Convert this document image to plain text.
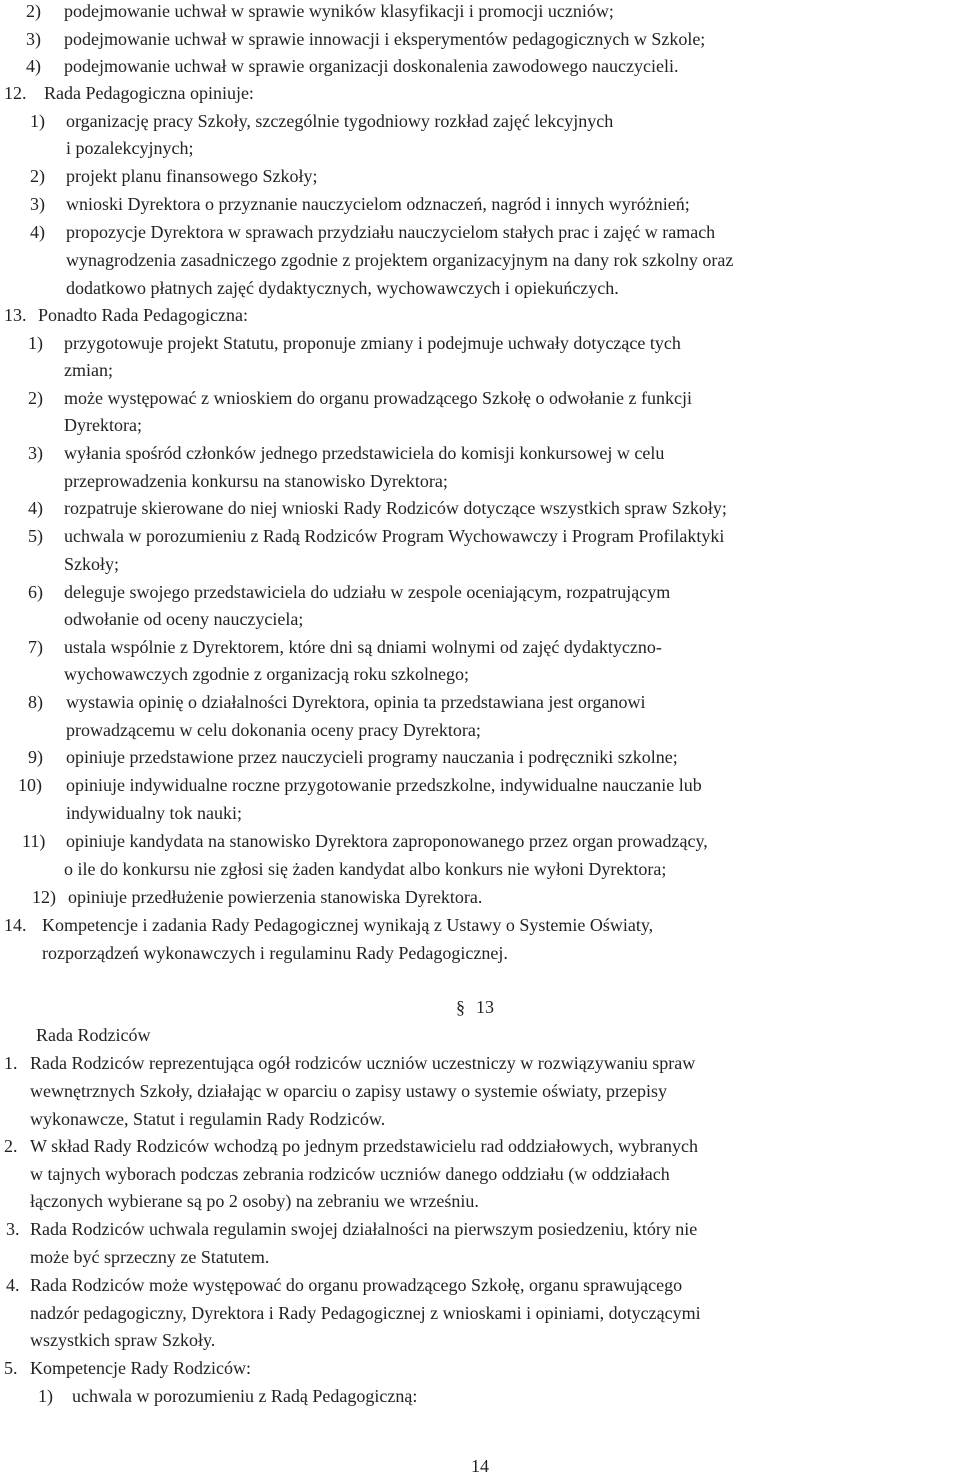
2) podejmowanie uchwał w sprawie wyników klasyfikacji i promocji uczniów;
3) podejmowanie uchwał w sprawie innowacji i eksperymentów pedagogicznych w Szkole;
4) podejmowanie uchwał w sprawie organizacji doskonalenia zawodowego nauczycieli.
12. Rada Pedagogiczna opiniuje:
1) organizację pracy Szkoły, szczególnie tygodniowy rozkład zajęć lekcyjnych
i pozalekcyjnych;
2) projekt planu finansowego Szkoły;
3) wnioski Dyrektora o przyznanie nauczycielom odznaczeń, nagród i innych wyróżnień;
4) propozycje Dyrektora w sprawach przydziału nauczycielom stałych prac i zajęć w ramach
wynagrodzenia zasadniczego zgodnie z projektem organizacyjnym na dany rok szkolny oraz
dodatkowo płatnych zajęć dydaktycznych, wychowawczych i opiekuńczych.
13. Ponadto Rada Pedagogiczna:
1) przygotowuje projekt Statutu, proponuje zmiany i podejmuje uchwały dotyczące tych
zmian;
2) może występować z wnioskiem do organu prowadzącego Szkołę o odwołanie z funkcji
Dyrektora;
3) wyłania spośród członków jednego przedstawiciela do komisji konkursowej w celu
przeprowadzenia konkursu na stanowisko Dyrektora;
4) rozpatruje skierowane do niej wnioski Rady Rodziców dotyczące wszystkich spraw Szkoły;
5) uchwala w porozumieniu z Radą Rodziców Program Wychowawczy i Program Profilaktyki
Szkoły;
6) deleguje swojego przedstawiciela do udziału w zespole oceniającym, rozpatrującym
odwołanie od oceny nauczyciela;
7) ustala wspólnie z Dyrektorem, które dni są dniami wolnymi od zajęć dydaktyczno-
wychowawczych zgodnie z organizacją roku szkolnego;
8) wystawia opinię o działalności Dyrektora, opinia ta przedstawiana jest organowi
prowadzącemu w celu dokonania oceny pracy Dyrektora;
9) opiniuje przedstawione przez nauczycieli programy nauczania i podręczniki szkolne;
10) opiniuje indywidualne roczne przygotowanie przedszkolne, indywidualne nauczanie lub
indywidualny tok nauki;
11) opiniuje kandydata na stanowisko Dyrektora zaproponowanego przez organ prowadzący,
o ile do konkursu nie zgłosi się żaden kandydat albo konkurs nie wyłoni Dyrektora;
12) opiniuje przedłużenie powierzenia stanowiska Dyrektora.
14. Kompetencje i zadania Rady Pedagogicznej wynikają z Ustawy o Systemie Oświaty,
rozporządzeń wykonawczych i regulaminu Rady Pedagogicznej.
§ 13
Rada Rodziców
1. Rada Rodziców reprezentująca ogół rodziców uczniów uczestniczy w rozwiązywaniu spraw
wewnętrznych Szkoły, działając w oparciu o zapisy ustawy o systemie oświaty, przepisy
wykonawcze, Statut i regulamin Rady Rodziców.
2. W skład Rady Rodziców wchodzą po jednym przedstawicielu rad oddziałowych, wybranych
w tajnych wyborach podczas zebrania rodziców uczniów danego oddziału (w oddziałach
łączonych wybierane są po 2 osoby) na zebraniu we wrześniu.
3. Rada Rodziców uchwala regulamin swojej działalności na pierwszym posiedzeniu, który nie
może być sprzeczny ze Statutem.
4. Rada Rodziców może występować do organu prowadzącego Szkołę, organu sprawującego
nadzór pedagogiczny, Dyrektora i Rady Pedagogicznej z wnioskami i opiniami, dotyczącymi
wszystkich spraw Szkoły.
5. Kompetencje Rady Rodziców:
1) uchwala w porozumieniu z Radą Pedagogiczną:
14
